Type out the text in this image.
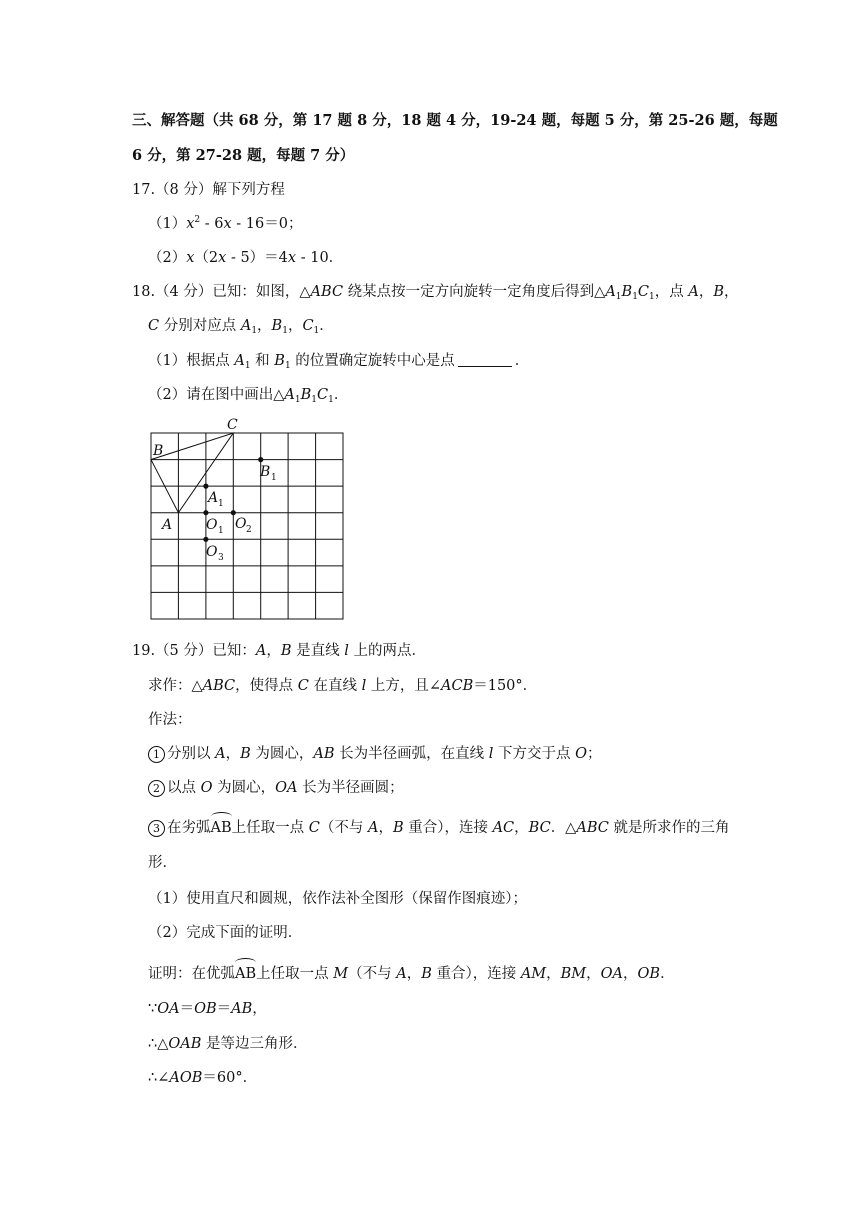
三、解答题（共 68 分，第 17 题 8 分，18 题 4 分，19-24 题，每题 5 分，第 25-26 题，每题
6 分，第 27-28 题，每题 7 分）
17.（8 分）解下列方程
$(1)x^2$ ‐ 6x ‐ 16＝0；
（2）x（2x ‐ 5）＝4x ‐ 10．
18.（4 分）已知：如图，△ABC 绕某点按一定方向旋转一定角度后得到$\triangle A_1B_1C_1$，点 A，B，
C 分别对应点 $A_1$，$B_1$，$C_1$．
（1）根据点 $A_1$ 和 $B_1$ 的位置确定旋转中心是点	．
（2）请在图中画出$\triangle A_1B_1C_1$．
C
B
A
B 1
A 1
O 1 O 2
O 3
19.（5 分）已知：A，B 是直线 l 上的两点．
求作：△ABC，使得点 C 在直线 l 上方，且∠ACB＝150°．
作法：
1 分别以 A，B 为圆心，AB 长为半径画弧，在直线 l 下方交于点 O；
2 以点 O 为圆心，OA 长为半径画圆；
3 在劣弧AB上任取一点 C（不与 A，B 重合），连接 AC，BC．△ABC 就是所求作的三角
形．
（1）使用直尺和圆规，依作法补全图形（保留作图痕迹）；
（2）完成下面的证明．
证明：在优弧AB上任取一点 M（不与 A，B 重合），连接 AM，BM，OA，OB．
∵OA＝OB＝AB，
∴△OAB 是等边三角形．
∴∠AOB＝60°．
